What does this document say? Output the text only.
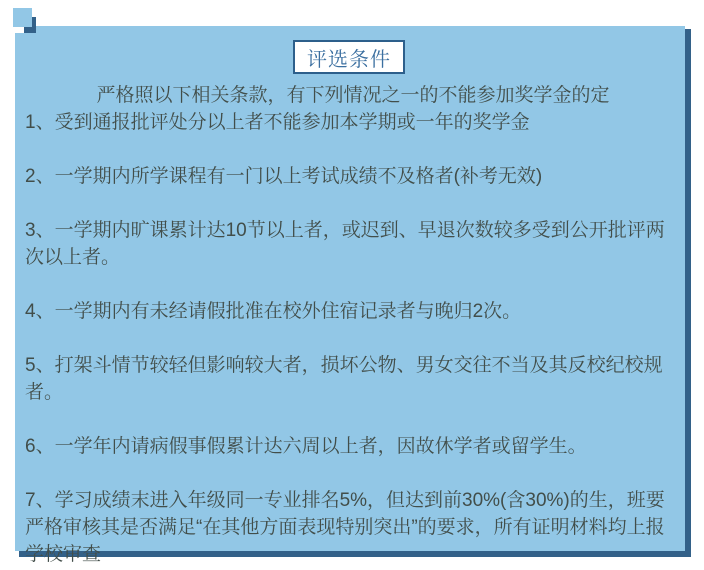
评选条件
严格照以下相关条款，有下列情况之一的不能参加奖学金的定

1、受到通报批评处分以上者不能参加本学期或一年的奖学金

2、一学期内所学课程有一门以上考试成绩不及格者(补考无效)

3、一学期内旷课累计达10节以上者，或迟到、早退次数较多受到公开批评两次以上者。

4、一学期内有未经请假批准在校外住宿记录者与晚归2次。

5、打架斗情节较轻但影响较大者，损坏公物、男女交往不当及其反校纪校规者。

6、一学年内请病假事假累计达六周以上者，因故休学者或留学生。

7、学习成绩末进入年级同一专业排名5%，但达到前30%(含30%)的生，班要严格审核其是否满足“在其他方面表现特别突出”的要求，所有证明材料均上报学校审查
